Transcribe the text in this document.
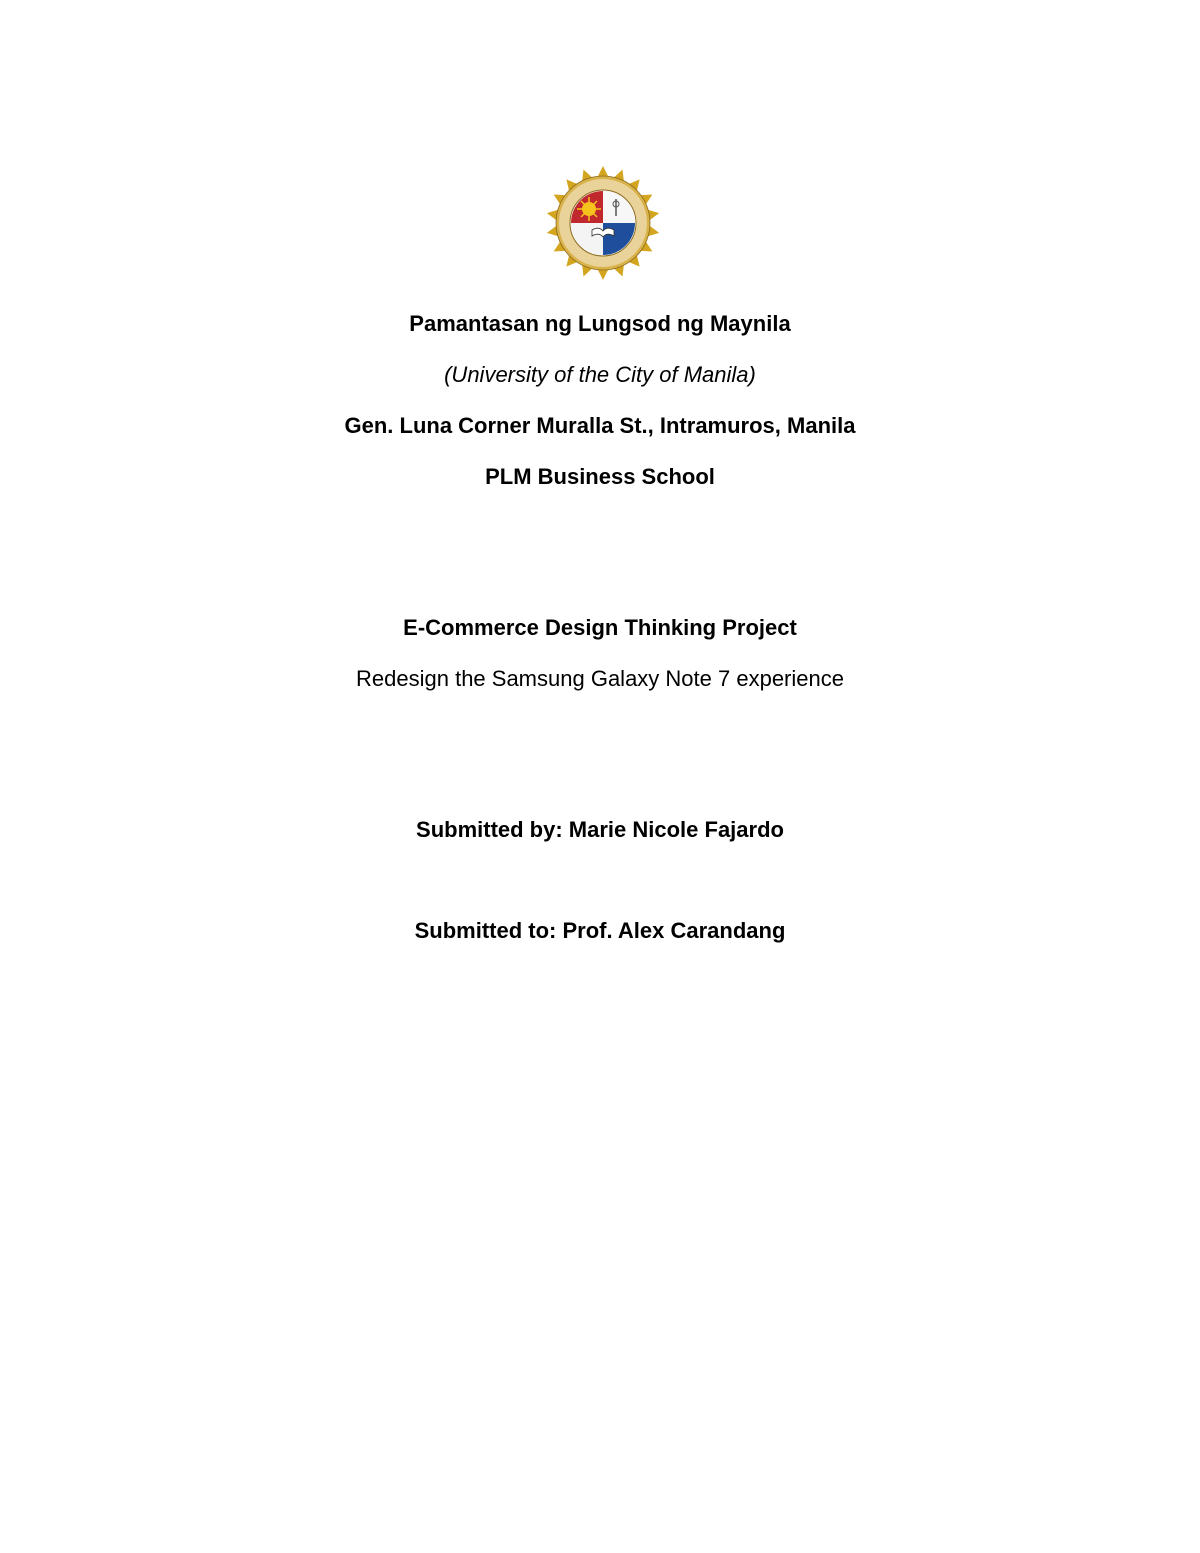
Pamantasan ng Lungsod ng Maynila
(University of the City of Manila)
Gen. Luna Corner Muralla St., Intramuros, Manila
PLM Business School
E-Commerce Design Thinking Project
Redesign the Samsung Galaxy Note 7 experience
Submitted by: Marie Nicole Fajardo
Submitted to: Prof. Alex Carandang
